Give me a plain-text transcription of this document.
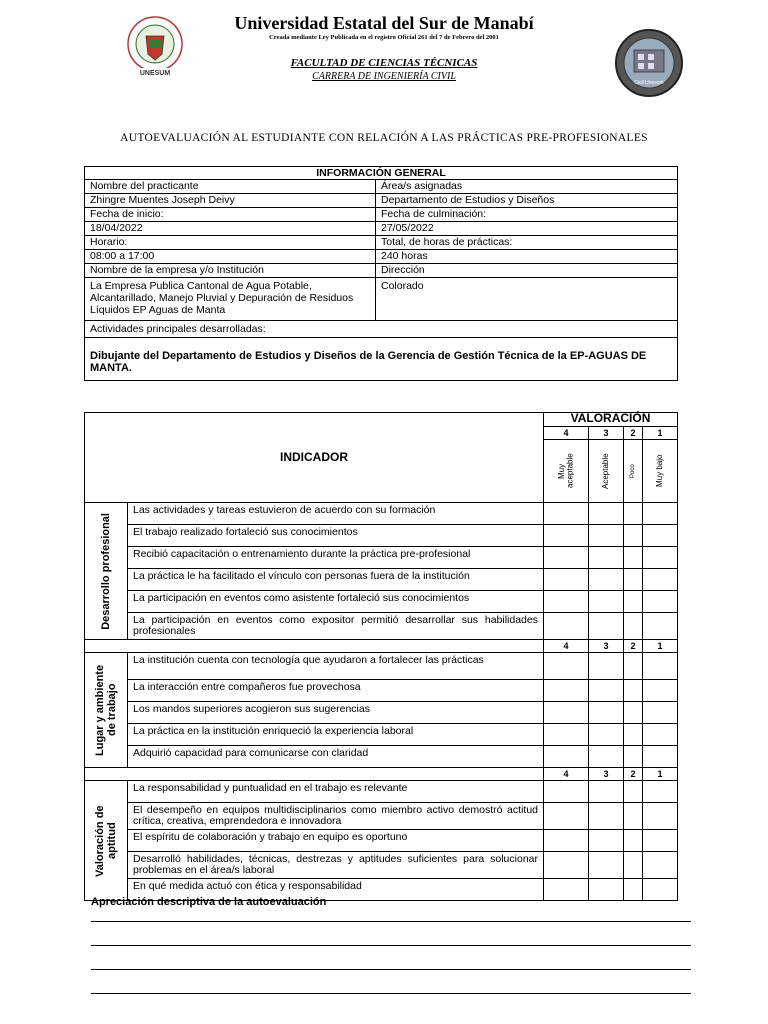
UNESUM
Universidad Estatal del Sur de Manabí
Creada mediante Ley Publicada en el registro Oficial 261 del 7 de Febrero del 2001
FACULTAD DE CIENCIAS TÉCNICAS
CARRERA DE INGENIERÍA CIVIL
Civil Unesum
AUTOEVALUACIÓN AL ESTUDIANTE CON RELACIÓN A LAS PRÁCTICAS PRE-PROFESIONALES
INFORMACIÓN GENERAL	
Nombre del practicante	Área/s asignadas
Zhingre Muentes Joseph Deivy	Departamento de Estudios y Diseños
Fecha de inicio:	Fecha de culminación:
18/04/2022	27/05/2022
Horario:	Total, de horas de prácticas:
08:00 a 17:00	240 horas
Nombre de la empresa y/o Institución	Dirección
La Empresa Publica Cantonal de Agua Potable, Alcantarillado, Manejo Pluvial y Depuración de Residuos Líquidos EP Aguas de Manta	Colorado
Actividades principales desarrolladas:	
Dibujante del Departamento de Estudios y Diseños de la Gerencia de Gestión Técnica de la EP-AGUAS DE MANTA.	
INDICADOR		VALORACIÓN			
		4	3	2	1

		Muy aceptable	Aceptable	Poco	Muy bajo

Desarrollo profesional	Las actividades y tareas estuvieron de acuerdo con su formación				
	El trabajo realizado fortaleció sus conocimientos				
	Recibió capacitación o entrenamiento durante la práctica pre-profesional				
	La práctica le ha facilitado el vínculo con personas fuera de la institución				
	La participación en eventos como asistente fortaleció sus conocimientos				
	La participación en eventos como expositor permitió desarrollar sus habilidades profesionales				
		4	3	2	1

Lugar y ambiente de trabajo	La institución cuenta con tecnología que ayudaron a fortalecer las prácticas				
	La interacción entre compañeros fue provechosa				
	Los mandos superiores acogieron sus sugerencias				
	La práctica en la institución enriqueció la experiencia laboral				
	Adquirió capacidad para comunicarse con claridad				
		4	3	2	1

Valoración de aptitud	La responsabilidad y puntualidad en el trabajo es relevante				
	El desempeño en equipos multidisciplinarios como miembro activo demostró actitud crítica, creativa, emprendedora e innovadora				
	El espíritu de colaboración y trabajo en equipo es oportuno				
	Desarrolló habilidades, técnicas, destrezas y aptitudes suficientes para solucionar problemas en el área/s laboral				
	En qué medida actuó con ética y responsabilidad				
Apreciación descriptiva de la autoevaluación
